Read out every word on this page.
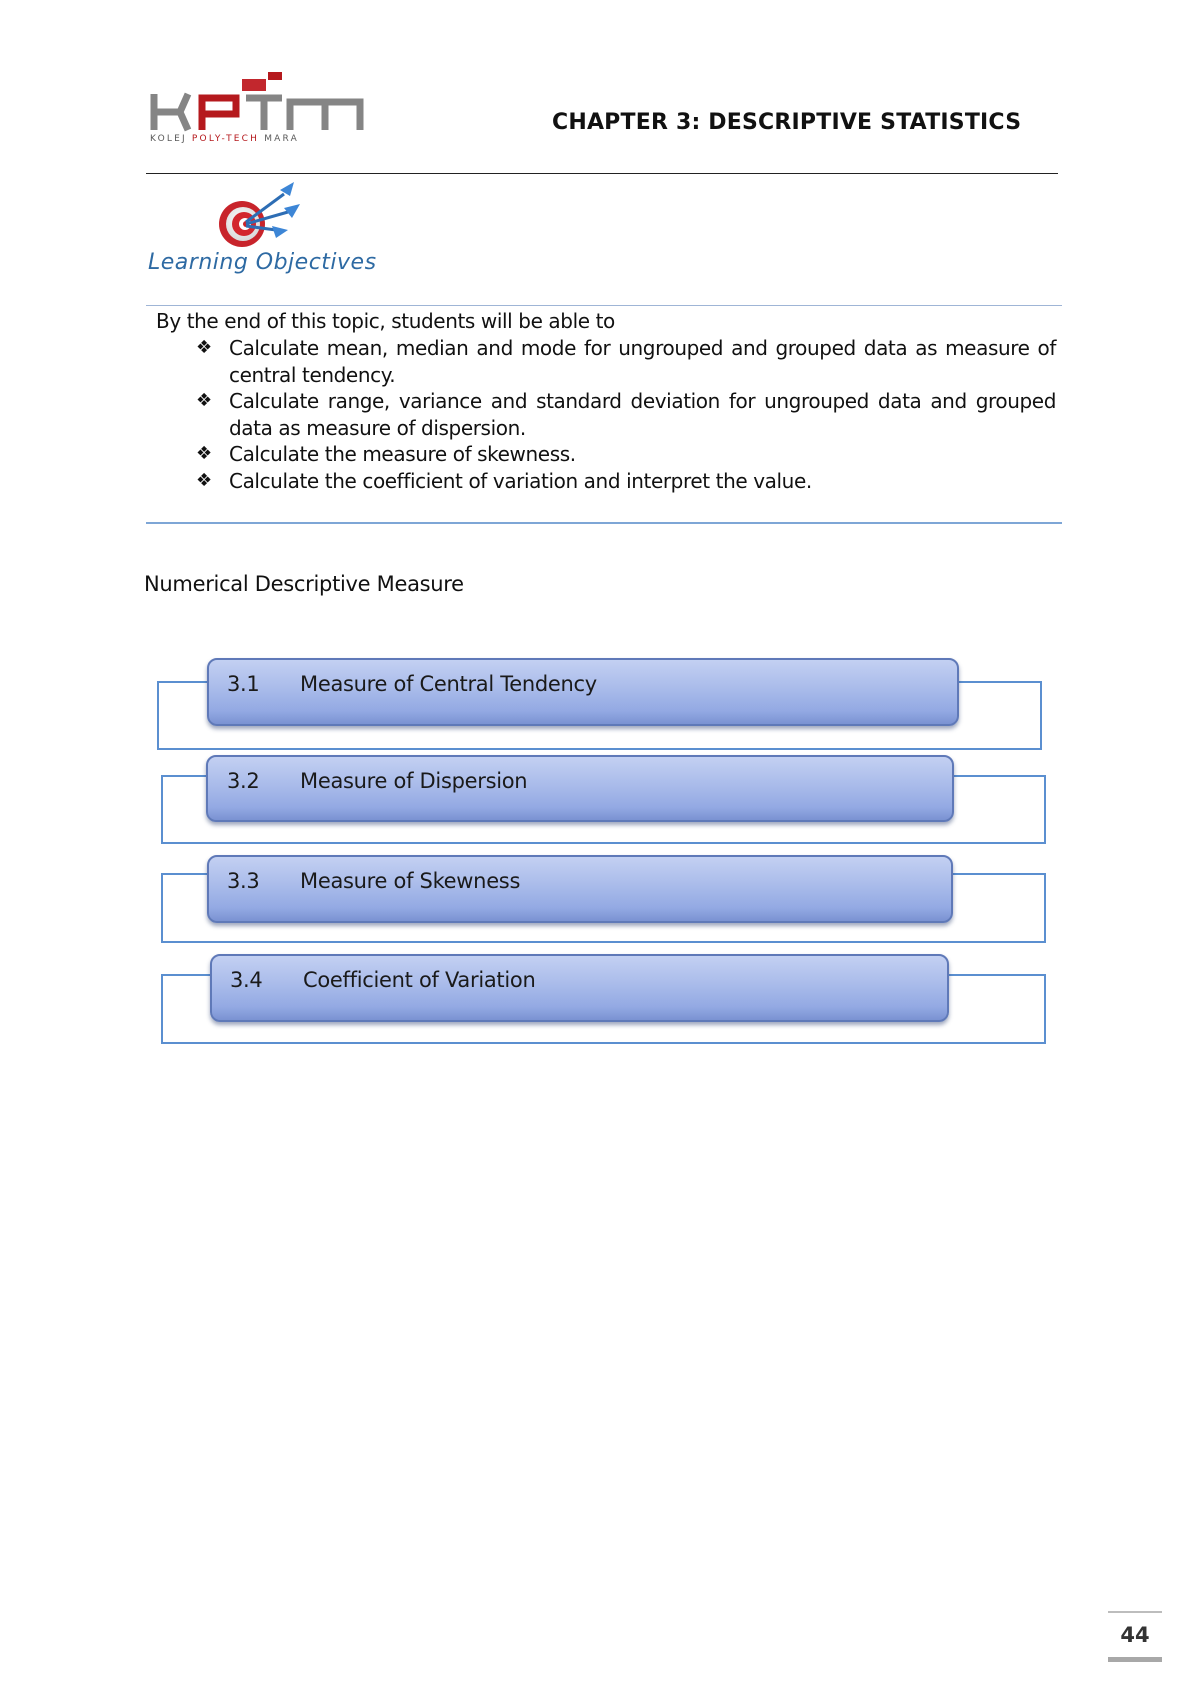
KOLEJ POLY-TECH MARA
CHAPTER 3: DESCRIPTIVE STATISTICS
Learning Objectives
By the end of this topic, students will be able to
❖ Calculate mean, median and mode for ungrouped and grouped data as measure of central tendency.
❖ Calculate range, variance and standard deviation for ungrouped data and grouped data as measure of dispersion.
❖ Calculate the measure of skewness.
❖ Calculate the coefficient of variation and interpret the value.
Numerical Descriptive Measure
3.1 Measure of Central Tendency
3.2 Measure of Dispersion
3.3 Measure of Skewness
3.4 Coefficient of Variation
44
